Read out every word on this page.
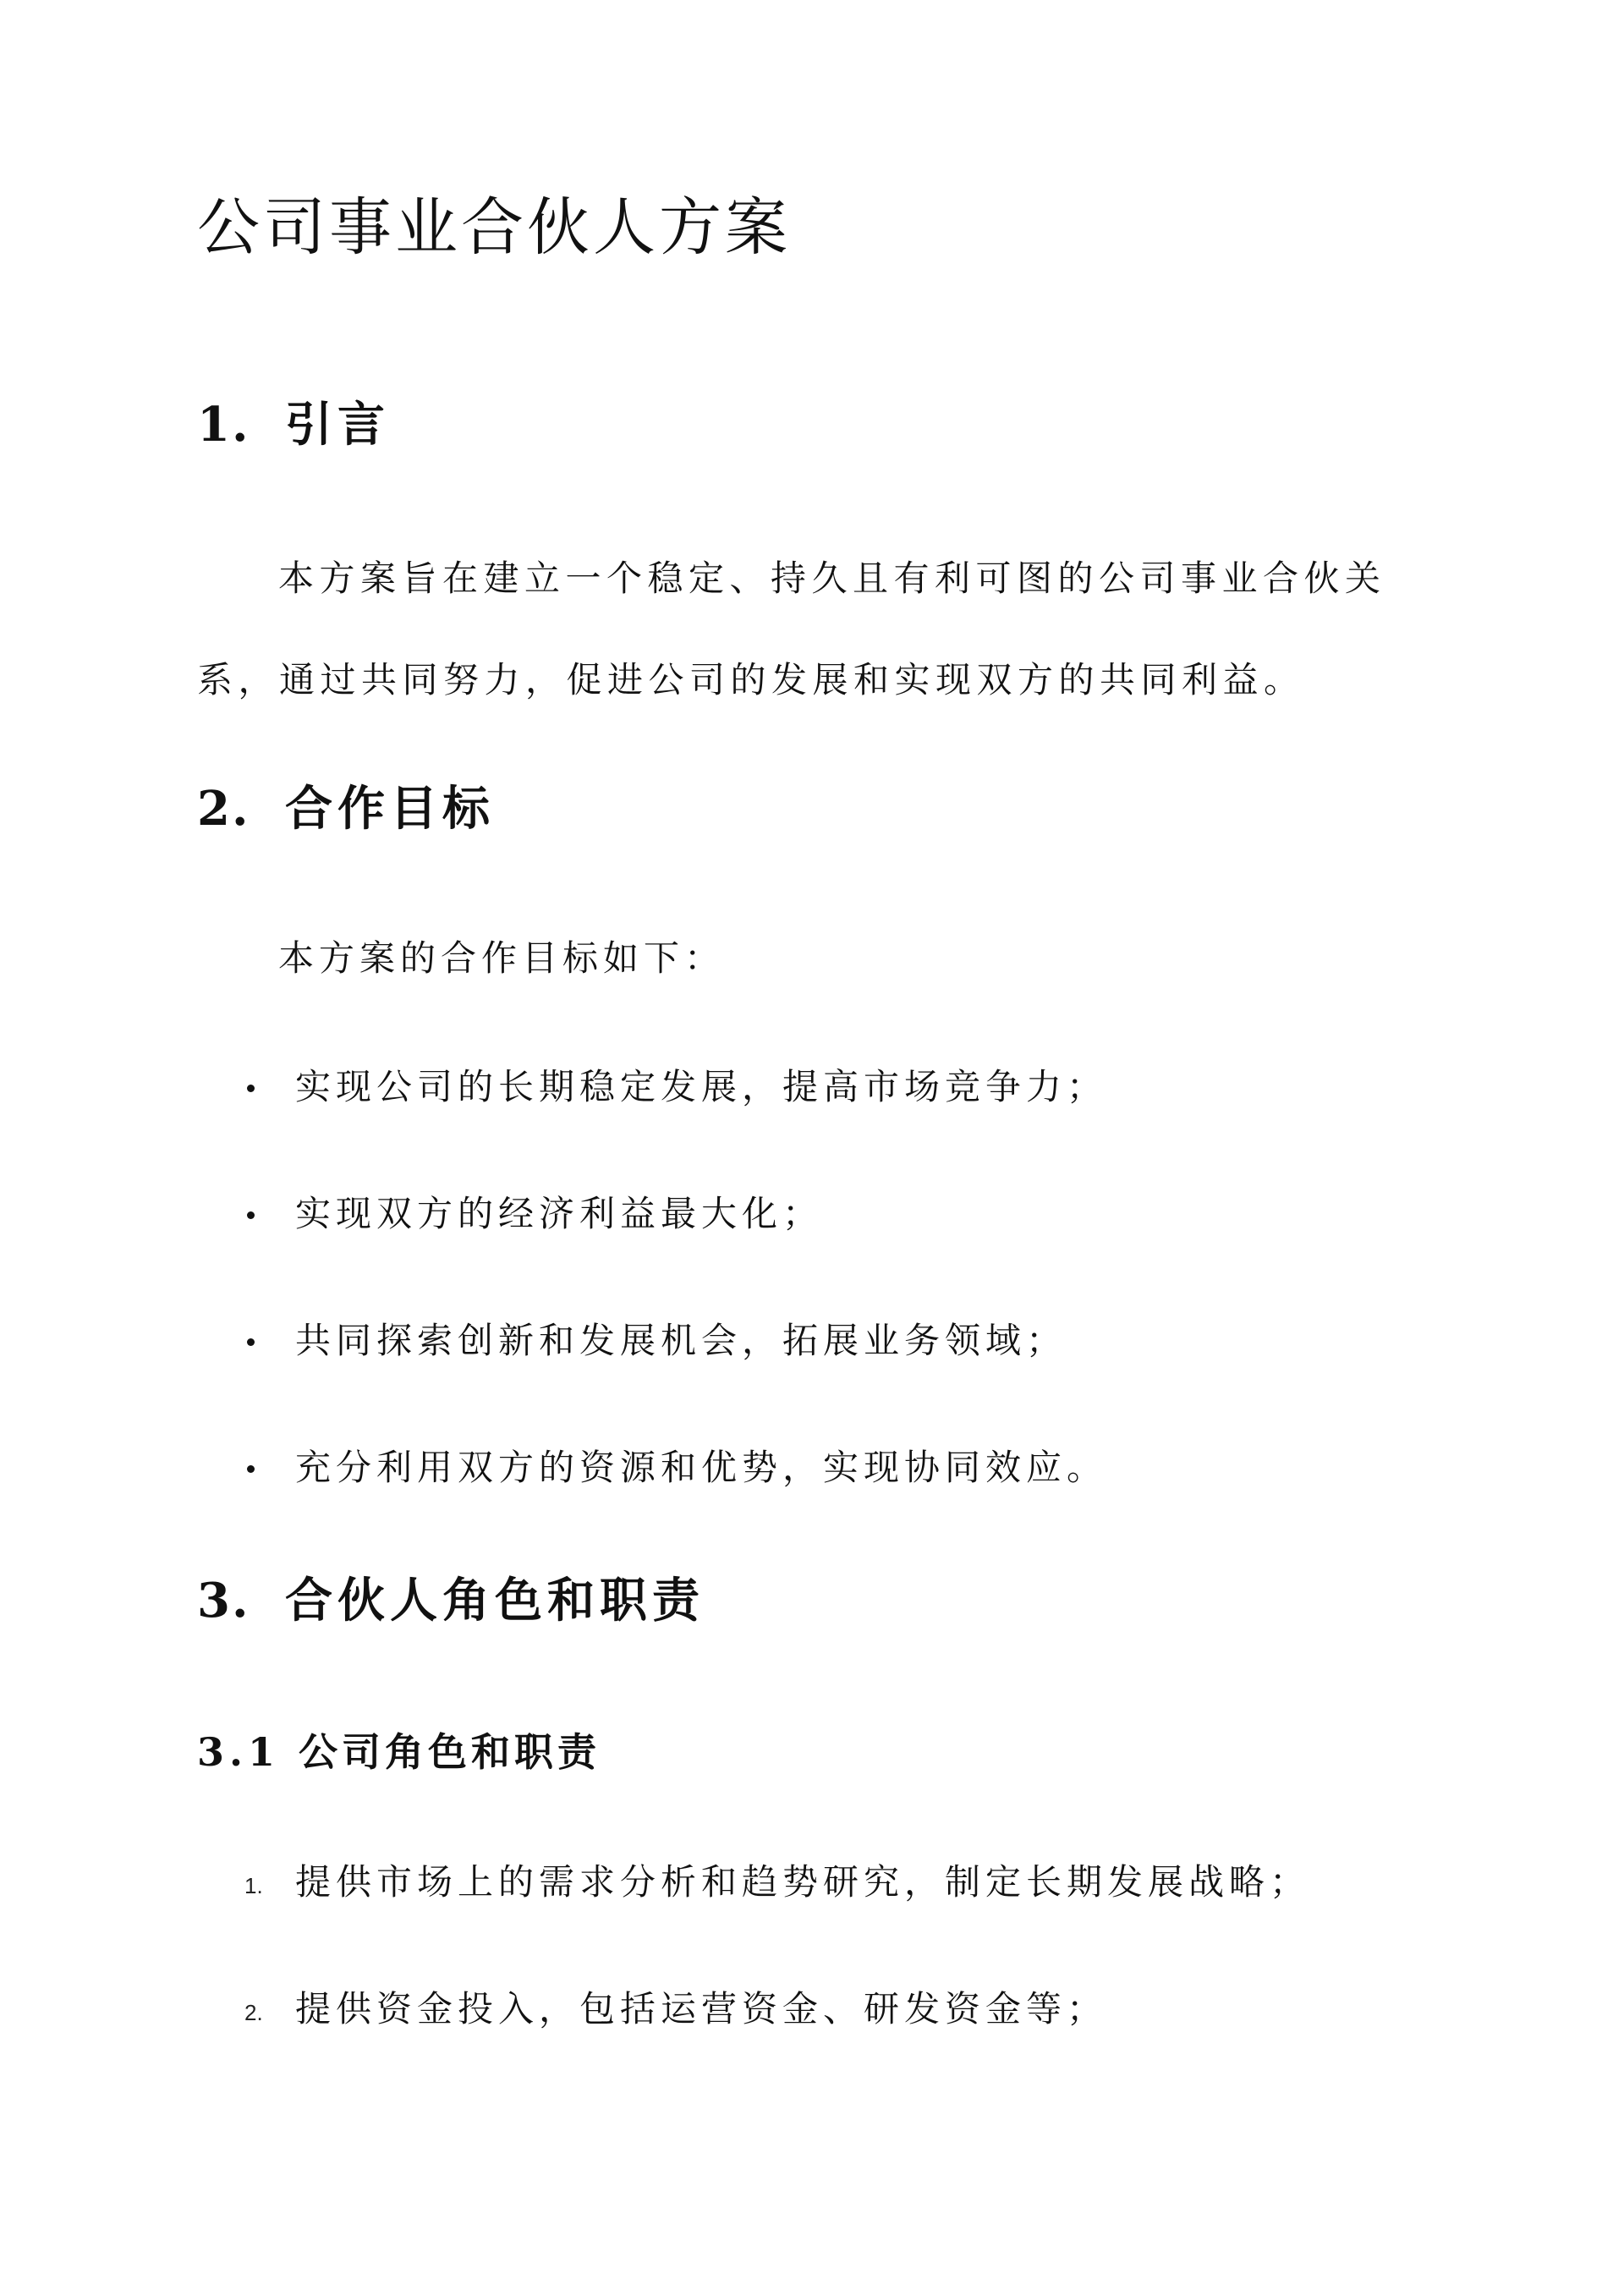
公司事业合伙人方案
1. 引言

本方案旨在建立一个稳定、持久且有利可图的公司事业合伙关系，通过共同努力，促进公司的发展和实现双方的共同利益。

2. 合作目标

本方案的合作目标如下：

实现公司的长期稳定发展，提高市场竞争力；
实现双方的经济利益最大化；
共同探索创新和发展机会，拓展业务领域；
充分利用双方的资源和优势，实现协同效应。
3. 合伙人角色和职责
3.1 公司角色和职责
1. 提供市场上的需求分析和趋势研究，制定长期发展战略；
2. 提供资金投入，包括运营资金、研发资金等；
